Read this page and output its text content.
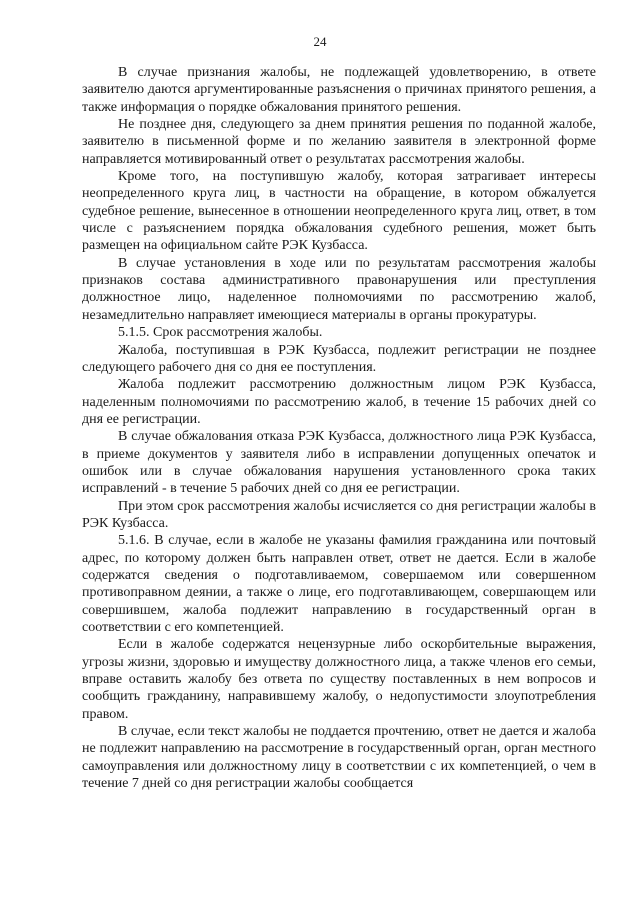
24

В случае признания жалобы, не подлежащей удовлетворению, в ответе заявителю даются аргументированные разъяснения о причинах принятого решения, а также информация о порядке обжалования принятого решения.

Не позднее дня, следующего за днем принятия решения по поданной жалобе, заявителю в письменной форме и по желанию заявителя в электронной форме направляется мотивированный ответ о результатах рассмотрения жалобы.

Кроме того, на поступившую жалобу, которая затрагивает интересы неопределенного круга лиц, в частности на обращение, в котором обжалуется судебное решение, вынесенное в отношении неопределенного круга лиц, ответ, в том числе с разъяснением порядка обжалования судебного решения, может быть размещен на официальном сайте РЭК Кузбасса.

В случае установления в ходе или по результатам рассмотрения жалобы признаков состава административного правонарушения или преступления должностное лицо, наделенное полномочиями по рассмотрению жалоб, незамедлительно направляет имеющиеся материалы в органы прокуратуры.

5.1.5. Срок рассмотрения жалобы.

Жалоба, поступившая в РЭК Кузбасса, подлежит регистрации не позднее следующего рабочего дня со дня ее поступления.

Жалоба подлежит рассмотрению должностным лицом РЭК Кузбасса, наделенным полномочиями по рассмотрению жалоб, в течение 15 рабочих дней со дня ее регистрации.

В случае обжалования отказа РЭК Кузбасса, должностного лица РЭК Кузбасса, в приеме документов у заявителя либо в исправлении допущенных опечаток и ошибок или в случае обжалования нарушения установленного срока таких исправлений - в течение 5 рабочих дней со дня ее регистрации.

При этом срок рассмотрения жалобы исчисляется со дня регистрации жалобы в РЭК Кузбасса.

5.1.6. В случае, если в жалобе не указаны фамилия гражданина или почтовый адрес, по которому должен быть направлен ответ, ответ не дается. Если в жалобе содержатся сведения о подготавливаемом, совершаемом или совершенном противоправном деянии, а также о лице, его подготавливающем, совершающем или совершившем, жалоба подлежит направлению в государственный орган в соответствии с его компетенцией.

Если в жалобе содержатся нецензурные либо оскорбительные выражения, угрозы жизни, здоровью и имуществу должностного лица, а также членов его семьи, вправе оставить жалобу без ответа по существу поставленных в нем вопросов и сообщить гражданину, направившему жалобу, о недопустимости злоупотребления правом.

В случае, если текст жалобы не поддается прочтению, ответ не дается и жалоба не подлежит направлению на рассмотрение в государственный орган, орган местного самоуправления или должностному лицу в соответствии с их компетенцией, о чем в течение 7 дней со дня регистрации жалобы сообщается
